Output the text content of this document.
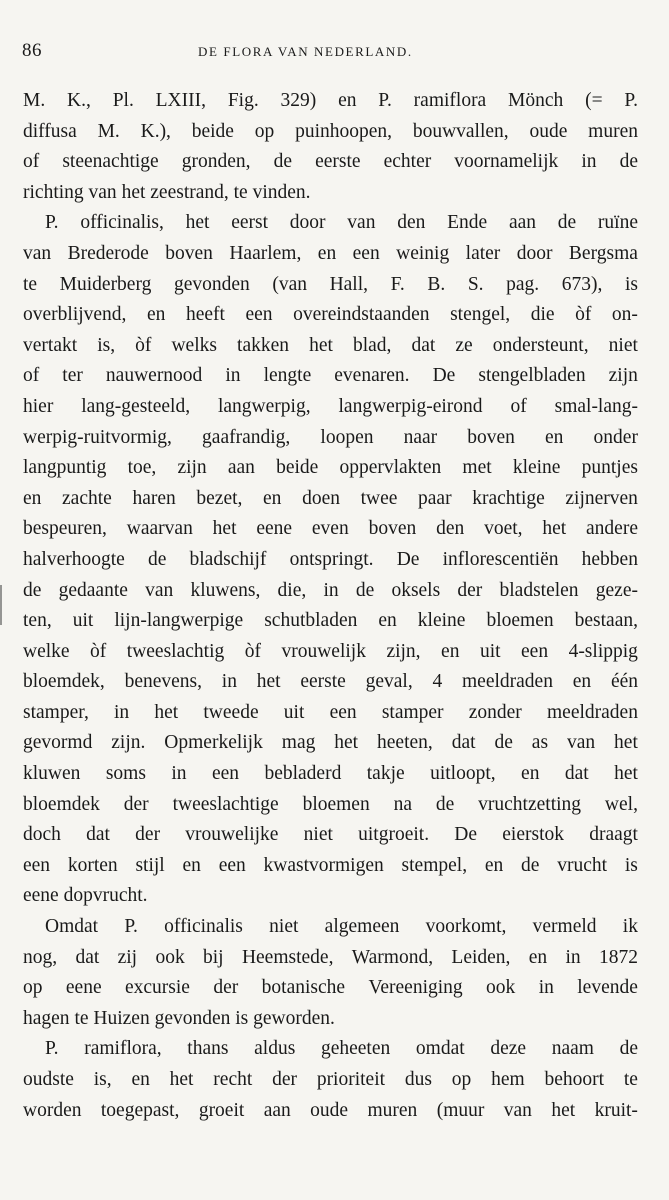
86	DE FLORA VAN NEDERLAND.
M. K., Pl. LXIII, Fig. 329) en P. ramiflora Mönch (= P.
diffusa M. K.), beide op puinhoopen, bouwvallen, oude muren
of steenachtige gronden, de eerste echter voornamelijk in de
richting van het zeestrand, te vinden.
P. officinalis, het eerst door van den Ende aan de ruïne
van Brederode boven Haarlem, en een weinig later door Bergsma
te Muiderberg gevonden (van Hall, F. B. S. pag. 673), is
overblijvend, en heeft een overeindstaanden stengel, die òf on-
vertakt is, òf welks takken het blad, dat ze ondersteunt, niet
of ter nauwernood in lengte evenaren. De stengelbladen zijn
hier lang-gesteeld, langwerpig, langwerpig-eirond of smal-lang-
werpig-ruitvormig, gaafrandig, loopen naar boven en onder
langpuntig toe, zijn aan beide oppervlakten met kleine puntjes
en zachte haren bezet, en doen twee paar krachtige zijnerven
bespeuren, waarvan het eene even boven den voet, het andere
halverhoogte de bladschijf ontspringt. De inflorescentiën hebben
de gedaante van kluwens, die, in de oksels der bladstelen geze-
ten, uit lijn-langwerpige schutbladen en kleine bloemen bestaan,
welke òf tweeslachtig òf vrouwelijk zijn, en uit een 4-slippig
bloemdek, benevens, in het eerste geval, 4 meeldraden en één
stamper, in het tweede uit een stamper zonder meeldraden
gevormd zijn. Opmerkelijk mag het heeten, dat de as van het
kluwen soms in een bebladerd takje uitloopt, en dat het
bloemdek der tweeslachtige bloemen na de vruchtzetting wel,
doch dat der vrouwelijke niet uitgroeit. De eierstok draagt
een korten stijl en een kwastvormigen stempel, en de vrucht is
eene dopvrucht.
Omdat P. officinalis niet algemeen voorkomt, vermeld ik
nog, dat zij ook bij Heemstede, Warmond, Leiden, en in 1872
op eene excursie der botanische Vereeniging ook in levende
hagen te Huizen gevonden is geworden.
P. ramiflora, thans aldus geheeten omdat deze naam de
oudste is, en het recht der prioriteit dus op hem behoort te
worden toegepast, groeit aan oude muren (muur van het kruit-
